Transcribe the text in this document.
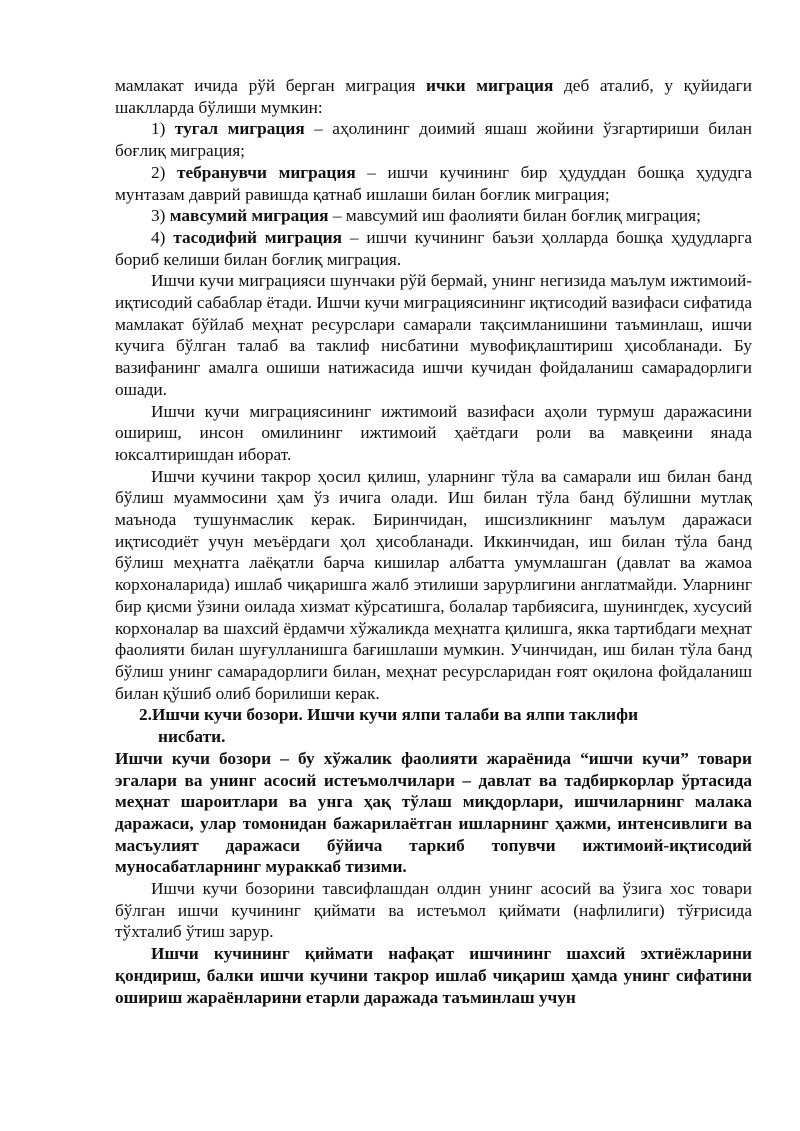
мамлакат ичида рўй берган миграция ички миграция деб аталиб, у қуйидаги шаклларда бўлиши мумкин:

1) тугал миграция – аҳолининг доимий яшаш жойини ўзгартириши билан боғлиқ миграция;

2) тебранувчи миграция – ишчи кучининг бир ҳудуддан бошқа ҳудудга мунтазам даврий равишда қатнаб ишлаши билан боғлик миграция;

3) мавсумий миграция – мавсумий иш фаолияти билан боғлиқ миграция;

4) тасодифий миграция – ишчи кучининг баъзи ҳолларда бошқа ҳудудларга бориб келиши билан боғлиқ миграция.

Ишчи кучи миграцияси шунчаки рўй бермай, унинг негизида маълум ижтимоий-иқтисодий сабаблар ётади. Ишчи кучи миграциясининг иқтисодий вазифаси сифатида мамлакат бўйлаб меҳнат ресурслари самарали тақсимланишини таъминлаш, ишчи кучига бўлган талаб ва таклиф нисбатини мувофиқлаштириш ҳисобланади. Бу вазифанинг амалга ошиши натижасида ишчи кучидан фойдаланиш самарадорлиги ошади.

Ишчи кучи миграциясининг ижтимоий вазифаси аҳоли турмуш даражасини ошириш, инсон омилининг ижтимоий ҳаётдаги роли ва мавқеини янада юксалтиришдан иборат.

Ишчи кучини такрор ҳосил қилиш, уларнинг тўла ва самарали иш билан банд бўлиш муаммосини ҳам ўз ичига олади. Иш билан тўла банд бўлишни мутлақ маънода тушунмаслик керак. Биринчидан, ишсизликнинг маълум даражаси иқтисодиёт учун меъёрдаги ҳол ҳисобланади. Иккинчидан, иш билан тўла банд бўлиш меҳнатга лаёқатли барча кишилар албатта умумлашган (давлат ва жамоа корхоналарида) ишлаб чиқаришга жалб этилиши зарурлигини англатмайди. Уларнинг бир қисми ўзини оилада хизмат кўрсатишга, болалар тарбиясига, шунингдек, хусусий корхоналар ва шахсий ёрдамчи хўжаликда меҳнатга қилишга, якка тартибдаги меҳнат фаолияти билан шуғулланишга бағишлаши мумкин. Учинчидан, иш билан тўла банд бўлиш унинг самарадорлиги билан, меҳнат ресурсларидан ғоят оқилона фойдаланиш билан қўшиб олиб борилиши керак.

2.Ишчи кучи бозори. Ишчи кучи ялпи талаби ва ялпи таклифи
нисбати.

Ишчи кучи бозори – бу хўжалик фаолияти жараёнида “ишчи кучи” товари эгалари ва унинг асосий истеъмолчилари – давлат ва тадбиркорлар ўртасида меҳнат шароитлари ва унга ҳақ тўлаш миқдорлари, ишчиларнинг малака даражаси, улар томонидан бажарилаётган ишларнинг ҳажми, интенсивлиги ва масъулият даражаси бўйича таркиб топувчи ижтимоий-иқтисодий муносабатларнинг мураккаб тизими.

Ишчи кучи бозорини тавсифлашдан олдин унинг асосий ва ўзига хос товари бўлган ишчи кучининг қиймати ва истеъмол қиймати (нафлилиги) тўғрисида тўхталиб ўтиш зарур.

Ишчи кучининг қиймати нафақат ишчининг шахсий эхтиёжларини қондириш, балки ишчи кучини такрор ишлаб чиқариш ҳамда унинг сифатини ошириш жараёнларини етарли даражада таъминлаш учун
